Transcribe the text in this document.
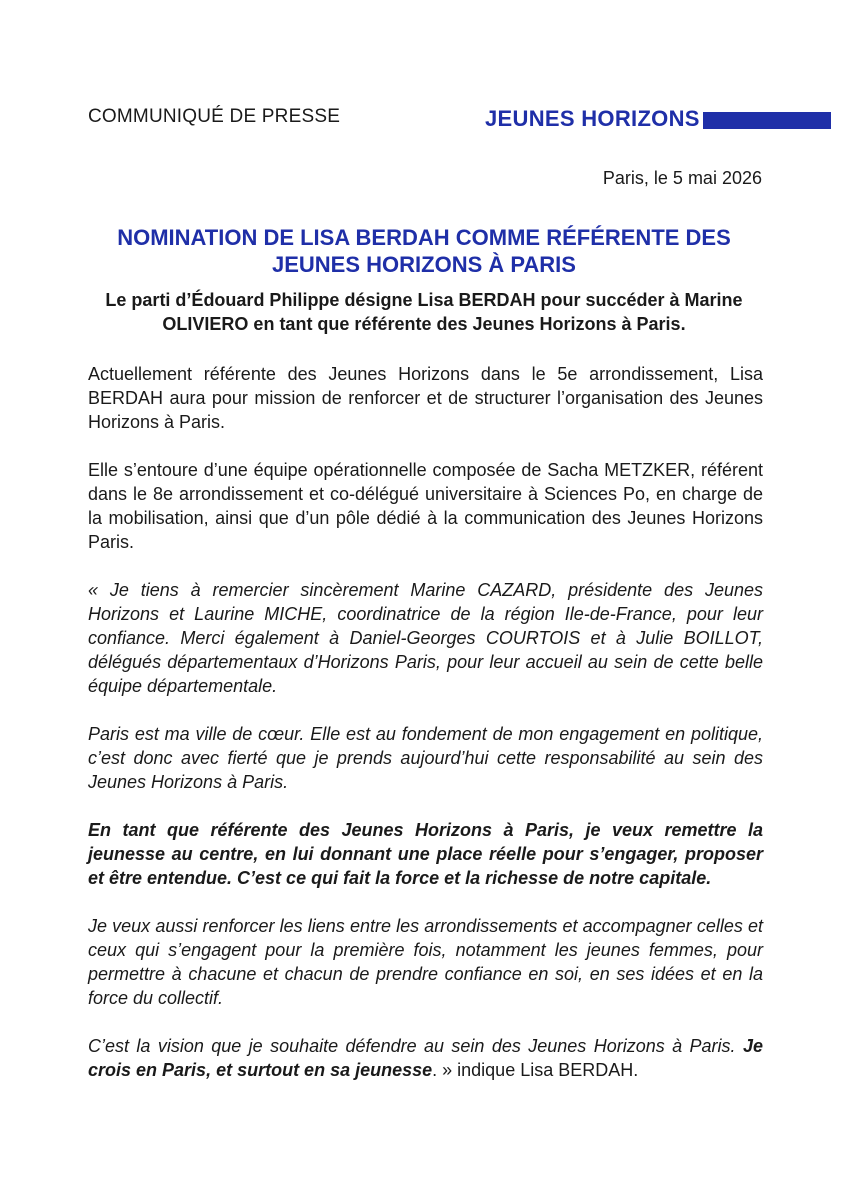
COMMUNIQUÉ DE PRESSE	JEUNES HORIZONS
Paris, le 5 mai 2026
NOMINATION DE LISA BERDAH COMME RÉFÉRENTE DES JEUNES HORIZONS À PARIS

Le parti d’Édouard Philippe désigne Lisa BERDAH pour succéder à Marine OLIVIERO en tant que référente des Jeunes Horizons à Paris.

Actuellement référente des Jeunes Horizons dans le 5e arrondissement, Lisa BERDAH aura pour mission de renforcer et de structurer l’organisation des Jeunes Horizons à Paris.

Elle s’entoure d’une équipe opérationnelle composée de Sacha METZKER, référent dans le 8e arrondissement et co-délégué universitaire à Sciences Po, en charge de la mobilisation, ainsi que d’un pôle dédié à la communication des Jeunes Horizons Paris.

« Je tiens à remercier sincèrement Marine CAZARD, présidente des Jeunes Horizons et Laurine MICHE, coordinatrice de la région Ile-de-France, pour leur confiance. Merci également à Daniel-Georges COURTOIS et à Julie BOILLOT, délégués départementaux d’Horizons Paris, pour leur accueil au sein de cette belle équipe départementale.

Paris est ma ville de cœur. Elle est au fondement de mon engagement en politique, c’est donc avec fierté que je prends aujourd’hui cette responsabilité au sein des Jeunes Horizons à Paris.

En tant que référente des Jeunes Horizons à Paris, je veux remettre la jeunesse au centre, en lui donnant une place réelle pour s’engager, proposer et être entendue. C’est ce qui fait la force et la richesse de notre capitale.

Je veux aussi renforcer les liens entre les arrondissements et accompagner celles et ceux qui s’engagent pour la première fois, notamment les jeunes femmes, pour permettre à chacune et chacun de prendre confiance en soi, en ses idées et en la force du collectif.

C’est la vision que je souhaite défendre au sein des Jeunes Horizons à Paris. Je crois en Paris, et surtout en sa jeunesse. » indique Lisa BERDAH.
